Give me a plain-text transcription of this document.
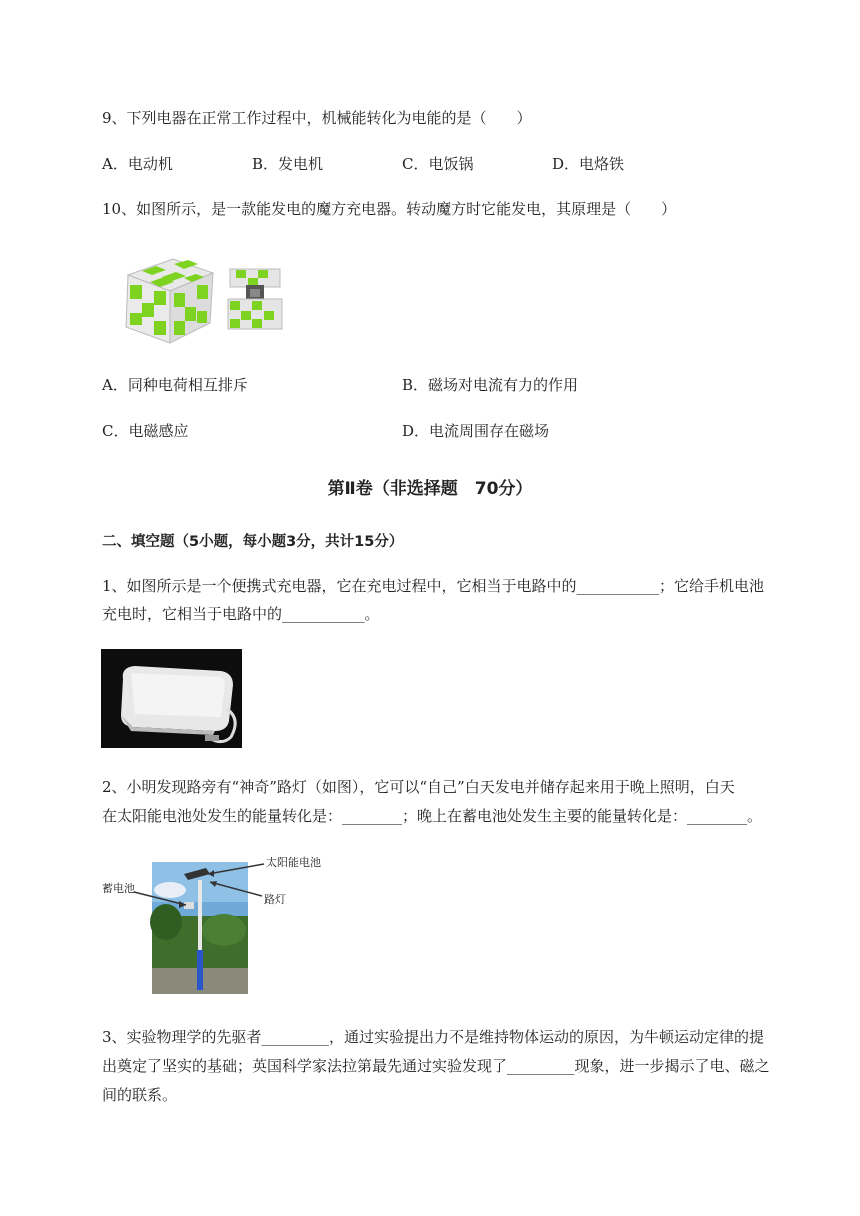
9、下列电器在正常工作过程中，机械能转化为电能的是（　　）
A．电动机	B．发电机	C．电饭锅	D．电烙铁
10、如图所示，是一款能发电的魔方充电器。转动魔方时它能发电，其原理是（　　）
A．同种电荷相互排斥	B．磁场对电流有力的作用
C．电磁感应	D．电流周围存在磁场
第Ⅱ卷（非选择题　70分）
二、填空题（5小题，每小题3分，共计15分）
1、如图所示是一个便携式充电器，它在充电过程中，它相当于电路中的___________；它给手机电池
充电时，它相当于电路中的___________。
2、小明发现路旁有“神奇”路灯（如图），它可以“自己”白天发电并储存起来用于晚上照明，白天
在太阳能电池处发生的能量转化是：________；晚上在蓄电池处发生主要的能量转化是：________。
太阳能电池
蓄电池
路灯
3、实验物理学的先驱者_________，通过实验提出力不是维持物体运动的原因，为牛顿运动定律的提
出奠定了坚实的基础；英国科学家法拉第最先通过实验发现了_________现象，进一步揭示了电、磁之
间的联系。
